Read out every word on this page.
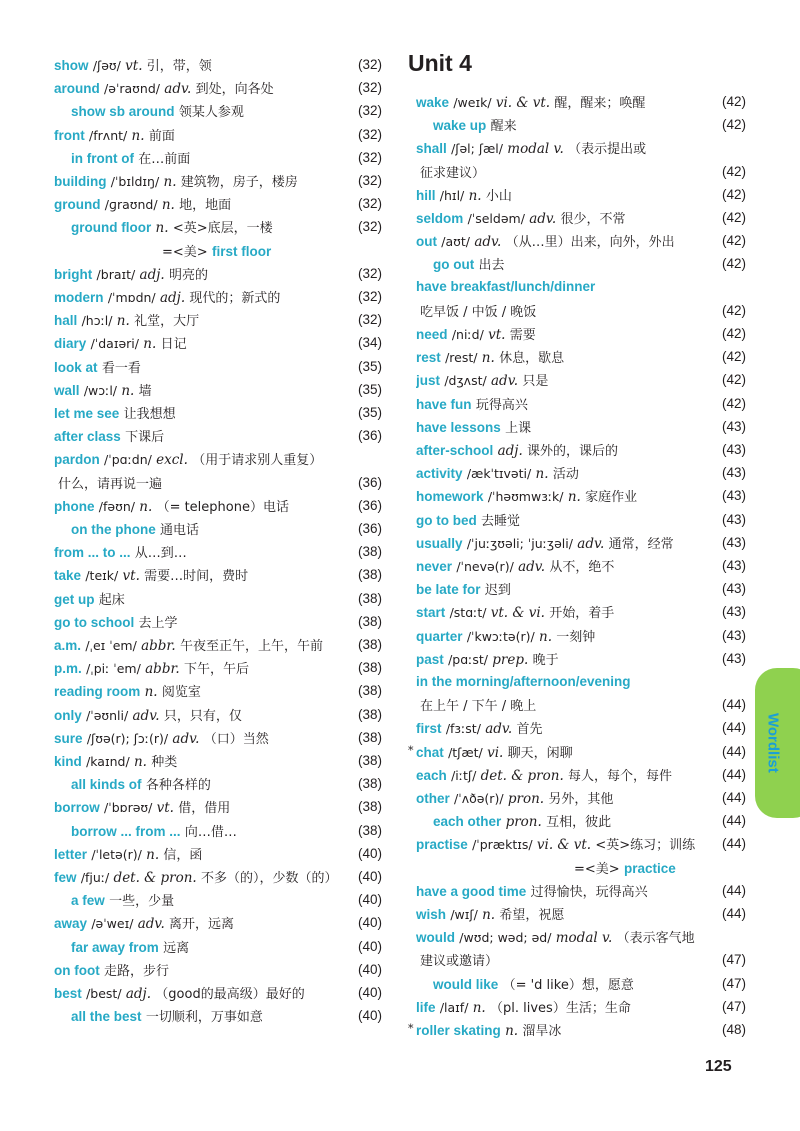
Unit 4
show /ʃəʊ/ vt. 引，带，领	(32)
around /əˈraʊnd/ adv. 到处，向各处	(32)
show sb around 领某人参观	(32)
front /frʌnt/ n. 前面	(32)
in front of 在…前面	(32)
building /ˈbɪldɪŋ/ n. 建筑物，房子，楼房	(32)
ground /ɡraʊnd/ n. 地，地面	(32)
ground floor n. <英>底层，一楼	(32)
=<美> first floor
bright /braɪt/ adj. 明亮的	(32)
modern /ˈmɒdn/ adj. 现代的；新式的	(32)
hall /hɔːl/ n. 礼堂，大厅	(32)
diary /ˈdaɪəri/ n. 日记	(34)
look at 看一看	(35)
wall /wɔːl/ n. 墙	(35)
let me see 让我想想	(35)
after class 下课后	(36)
pardon /ˈpɑːdn/ excl. （用于请求别人重复）
什么，请再说一遍	(36)
phone /fəʊn/ n. （= telephone）电话	(36)
on the phone 通电话	(36)
from ... to ... 从…到…	(38)
take /teɪk/ vt. 需要…时间，费时	(38)
get up 起床	(38)
go to school 去上学	(38)
a.m. /ˌeɪ ˈem/ abbr. 午夜至正午，上午，午前	(38)
p.m. /ˌpiː ˈem/ abbr. 下午，午后	(38)
reading room n. 阅览室	(38)
only /ˈəʊnli/ adv. 只，只有，仅	(38)
sure /ʃʊə(r); ʃɔː(r)/ adv. （口）当然	(38)
kind /kaɪnd/ n. 种类	(38)
all kinds of 各种各样的	(38)
borrow /ˈbɒrəʊ/ vt. 借，借用	(38)
borrow ... from ... 向…借…	(38)
letter /ˈletə(r)/ n. 信，函	(40)
few /fjuː/ det. & pron. 不多（的），少数（的）	(40)
a few 一些，少量	(40)
away /əˈweɪ/ adv. 离开，远离	(40)
far away from 远离	(40)
on foot 走路，步行	(40)
best /best/ adj. （good的最高级）最好的	(40)
all the best 一切顺利，万事如意	(40)
wake /weɪk/ vi. & vt. 醒，醒来；唤醒	(42)
wake up 醒来	(42)
shall /ʃəl; ʃæl/ modal v. （表示提出或
征求建议）	(42)
hill /hɪl/ n. 小山	(42)
seldom /ˈseldəm/ adv. 很少，不常	(42)
out /aʊt/ adv. （从…里）出来，向外，外出	(42)
go out 出去	(42)
have breakfast/lunch/dinner
吃早饭 / 中饭 / 晚饭	(42)
need /niːd/ vt. 需要	(42)
rest /rest/ n. 休息，歇息	(42)
just /dʒʌst/ adv. 只是	(42)
have fun 玩得高兴	(42)
have lessons 上课	(43)
after-school adj. 课外的，课后的	(43)
activity /ækˈtɪvəti/ n. 活动	(43)
homework /ˈhəʊmwɜːk/ n. 家庭作业	(43)
go to bed 去睡觉	(43)
usually /ˈjuːʒʊəli; ˈjuːʒəli/ adv. 通常，经常	(43)
never /ˈnevə(r)/ adv. 从不，绝不	(43)
be late for 迟到	(43)
start /stɑːt/ vt. & vi. 开始，着手	(43)
quarter /ˈkwɔːtə(r)/ n. 一刻钟	(43)
past /pɑːst/ prep. 晚于	(43)
in the morning/afternoon/evening
在上午 / 下午 / 晚上	(44)
first /fɜːst/ adv. 首先	(44)
* chat /tʃæt/ vi. 聊天，闲聊	(44)
each /iːtʃ/ det. & pron. 每人，每个，每件	(44)
other /ˈʌðə(r)/ pron. 另外，其他	(44)
each other pron. 互相，彼此	(44)
practise /ˈpræktɪs/ vi. & vt. <英>练习；训练	(44)
=<美> practice
have a good time 过得愉快，玩得高兴	(44)
wish /wɪʃ/ n. 希望，祝愿	(44)
would /wʊd; wəd; əd/ modal v. （表示客气地
建议或邀请）	(47)
would like （= 'd like）想，愿意	(47)
life /laɪf/ n. （pl. lives）生活；生命	(47)
* roller skating n. 溜旱冰	(48)
Wordlist

125
